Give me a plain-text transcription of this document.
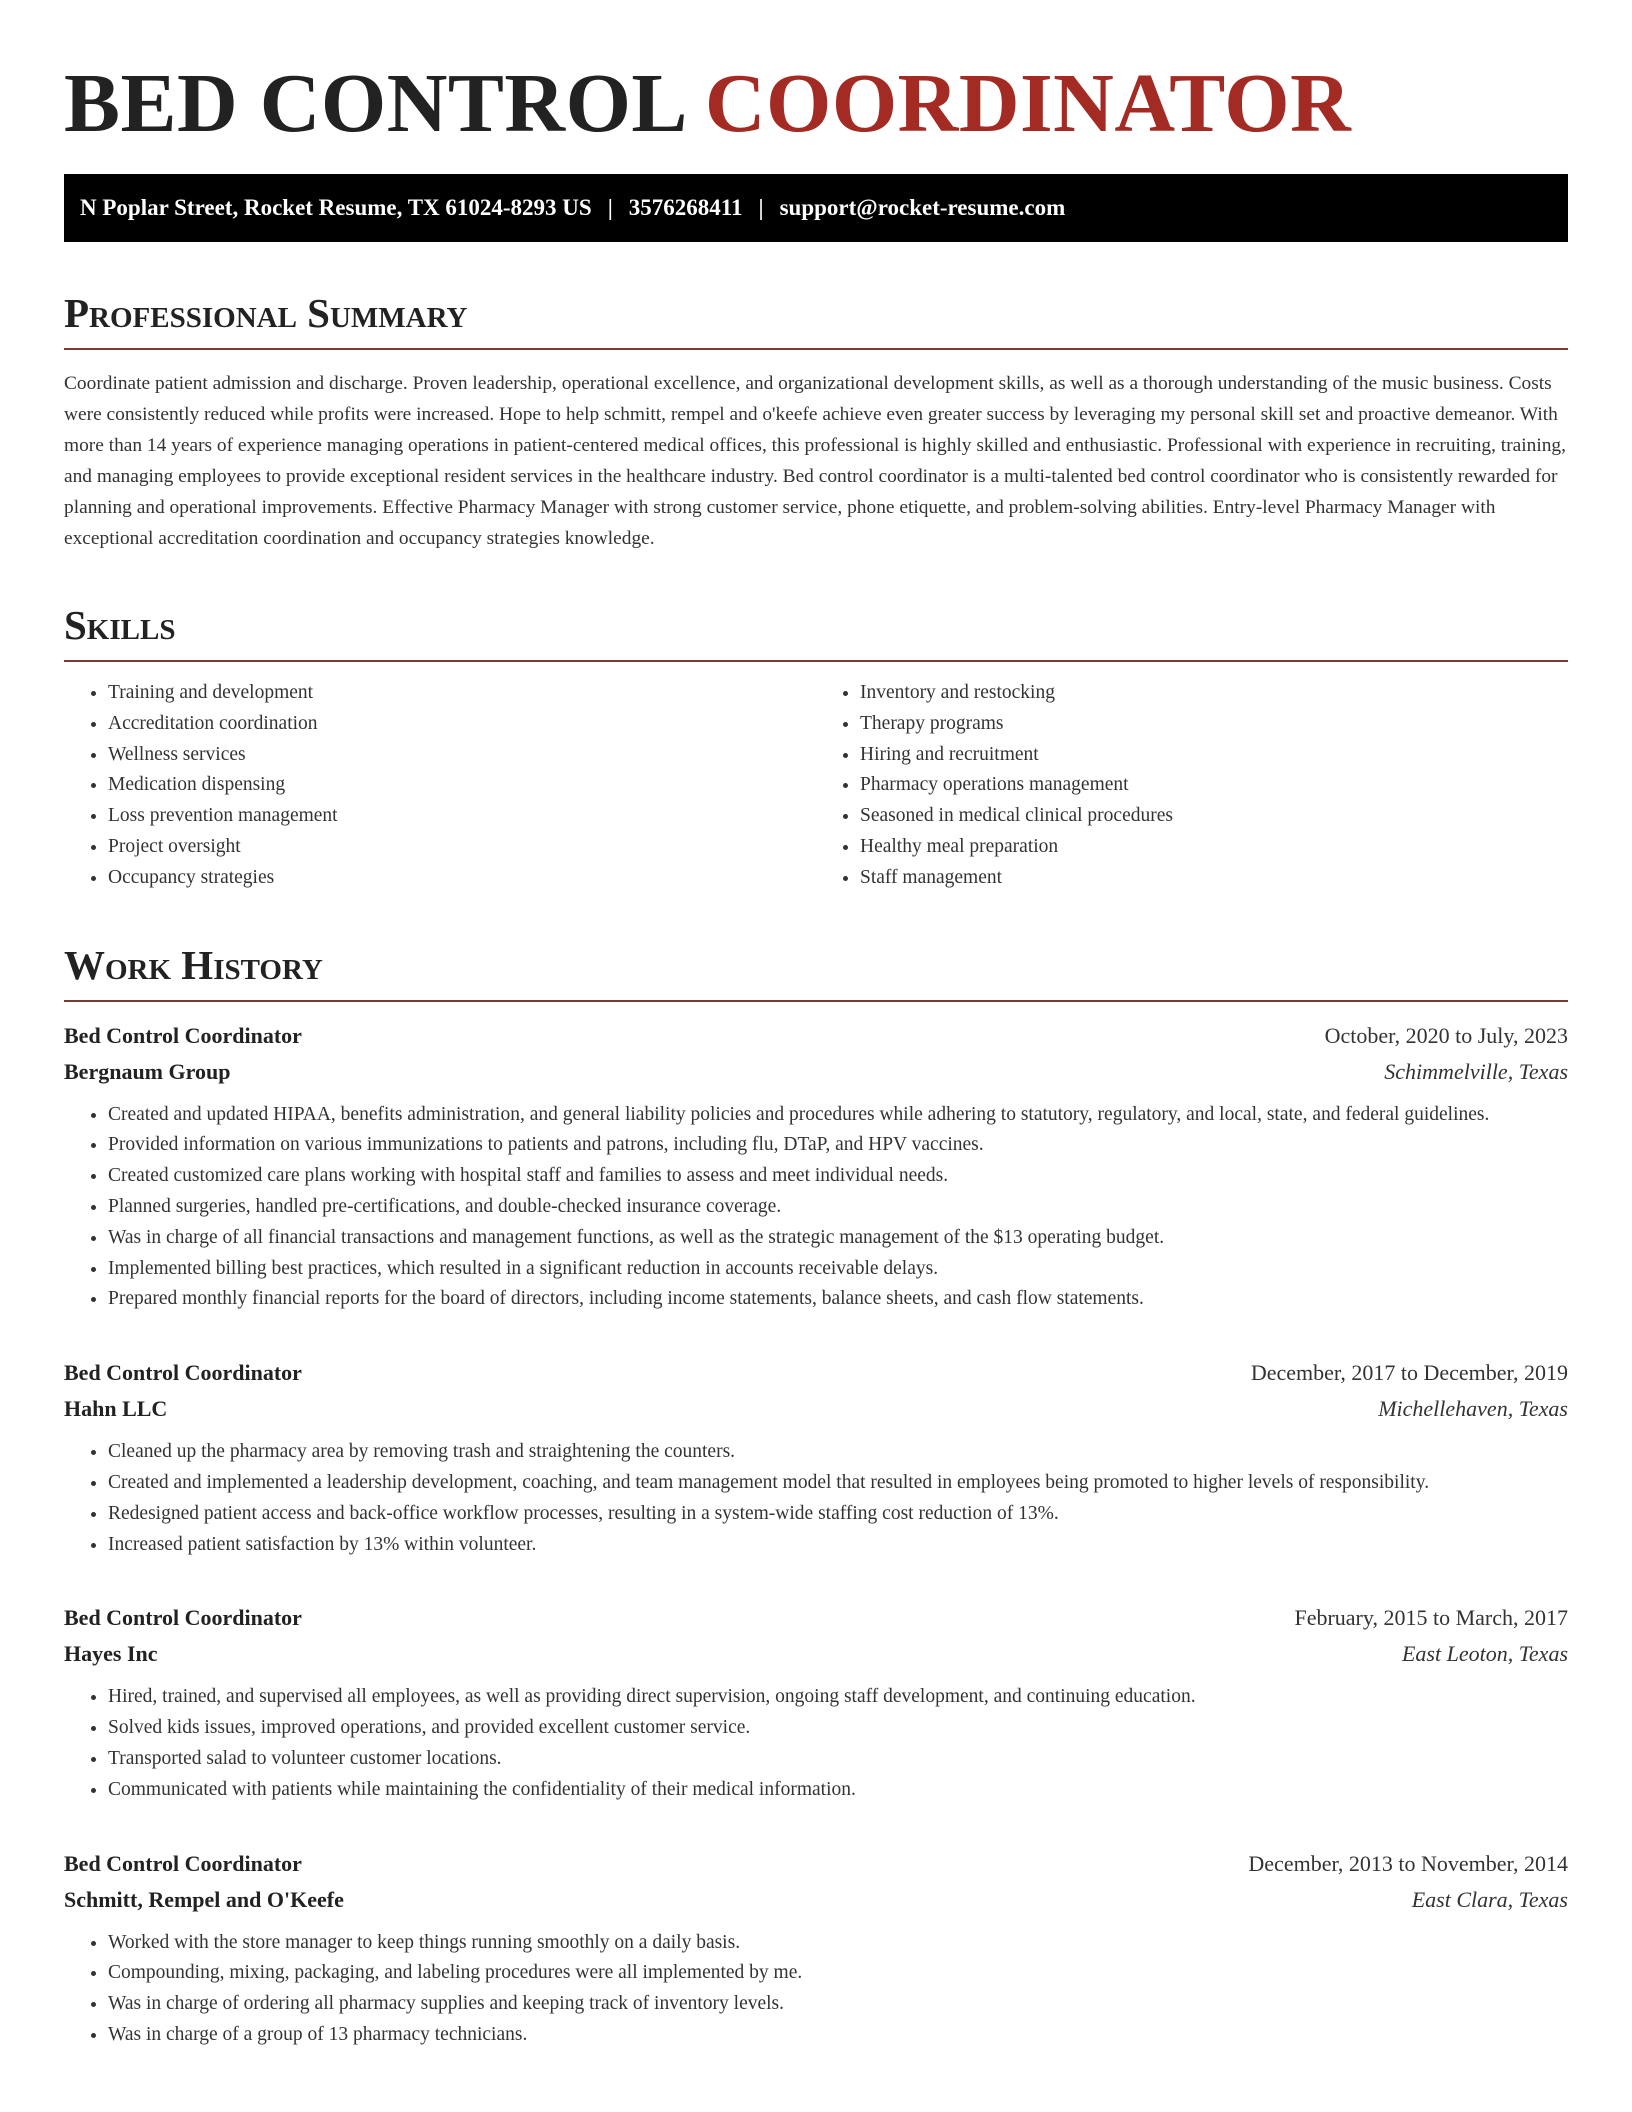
BED CONTROL COORDINATOR
N Poplar Street, Rocket Resume, TX 61024-8293 US | 3576268411 | support@rocket-resume.com
Professional Summary

Coordinate patient admission and discharge. Proven leadership, operational excellence, and organizational development skills, as well as a thorough understanding of the music business. Costs were consistently reduced while profits were increased. Hope to help schmitt, rempel and o'keefe achieve even greater success by leveraging my personal skill set and proactive demeanor. With more than 14 years of experience managing operations in patient-centered medical offices, this professional is highly skilled and enthusiastic. Professional with experience in recruiting, training, and managing employees to provide exceptional resident services in the healthcare industry. Bed control coordinator is a multi-talented bed control coordinator who is consistently rewarded for planning and operational improvements. Effective Pharmacy Manager with strong customer service, phone etiquette, and problem-solving abilities. Entry-level Pharmacy Manager with exceptional accreditation coordination and occupancy strategies knowledge.

Skills
• Training and development
• Accreditation coordination
• Wellness services
• Medication dispensing
• Loss prevention management
• Project oversight
• Occupancy strategies
• Inventory and restocking
• Therapy programs
• Hiring and recruitment
• Pharmacy operations management
• Seasoned in medical clinical procedures
• Healthy meal preparation
• Staff management
Work History
Bed Control Coordinator	October, 2020 to July, 2023
Bergnaum Group	Schimmelville, Texas
• Created and updated HIPAA, benefits administration, and general liability policies and procedures while adhering to statutory, regulatory, and local, state, and federal guidelines.
• Provided information on various immunizations to patients and patrons, including flu, DTaP, and HPV vaccines.
• Created customized care plans working with hospital staff and families to assess and meet individual needs.
• Planned surgeries, handled pre-certifications, and double-checked insurance coverage.
• Was in charge of all financial transactions and management functions, as well as the strategic management of the $13 operating budget.
• Implemented billing best practices, which resulted in a significant reduction in accounts receivable delays.
• Prepared monthly financial reports for the board of directors, including income statements, balance sheets, and cash flow statements.
Bed Control Coordinator	December, 2017 to December, 2019
Hahn LLC	Michellehaven, Texas
• Cleaned up the pharmacy area by removing trash and straightening the counters.
• Created and implemented a leadership development, coaching, and team management model that resulted in employees being promoted to higher levels of responsibility.
• Redesigned patient access and back-office workflow processes, resulting in a system-wide staffing cost reduction of 13%.
• Increased patient satisfaction by 13% within volunteer.
Bed Control Coordinator	February, 2015 to March, 2017
Hayes Inc	East Leoton, Texas
• Hired, trained, and supervised all employees, as well as providing direct supervision, ongoing staff development, and continuing education.
• Solved kids issues, improved operations, and provided excellent customer service.
• Transported salad to volunteer customer locations.
• Communicated with patients while maintaining the confidentiality of their medical information.
Bed Control Coordinator	December, 2013 to November, 2014
Schmitt, Rempel and O'Keefe	East Clara, Texas
• Worked with the store manager to keep things running smoothly on a daily basis.
• Compounding, mixing, packaging, and labeling procedures were all implemented by me.
• Was in charge of ordering all pharmacy supplies and keeping track of inventory levels.
• Was in charge of a group of 13 pharmacy technicians.
